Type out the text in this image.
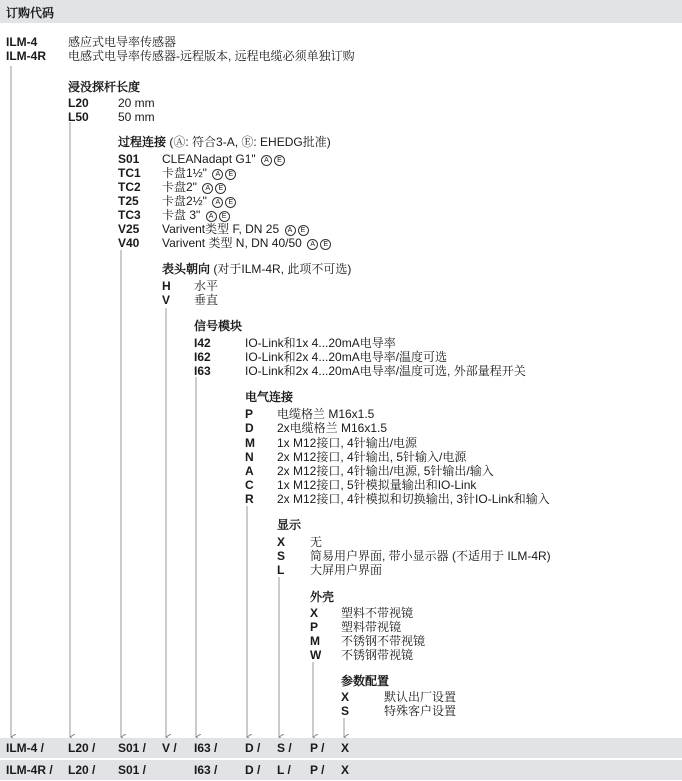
订购代码
ILM-4	感应式电导率传感器
ILM-4R 电感式电导率传感器-远程版本, 远程电缆必须单独订购
浸没探杆长度
L20 20 mm
L50 50 mm
过程连接 (Ⓐ: 符合3-A, Ⓔ: EHEDG批准)
S01 CLEANadapt G1" A E
TC1 卡盘1½" A E
TC2 卡盘2" A E
T25 卡盘2½" A E
TC3 卡盘 3" A E
V25 Varivent类型 F, DN 25 A E
V40 Varivent 类型 N, DN 40/50 A E
表头朝向 (对于ILM-4R, 此项不可选)
H 水平
V 垂直
信号模块
I42	IO-Link和1x 4...20mA电导率
I62	IO-Link和2x 4...20mA电导率/温度可选
I63	IO-Link和2x 4...20mA电导率/温度可选, 外部量程开关
电气连接
P 电缆格兰 M16x1.5
D 2x电缆格兰 M16x1.5
M 1x M12接口, 4针输出/电源
N 2x M12接口, 4针输出, 5针输入/电源
A 2x M12接口, 4针输出/电源, 5针输出/输入
C 1x M12接口, 5针模拟量输出和IO-Link
R 2x M12接口, 4针模拟和切换输出, 3针IO-Link和输入
显示
X 无
S 简易用户界面, 带小显示器 (不适用于 ILM-4R)
L 大屏用户界面
外壳
X 塑料不带视镜
P 塑料带视镜
M 不锈钢不带视镜
W 不锈钢带视镜
参数配置
X	默认出厂设置
S	特殊客户设置
ILM-4 / L20 / S01 / V / I63 / D / S / P / X
ILM-4R / L20 / S01 /	I63 / D / L / P / X
